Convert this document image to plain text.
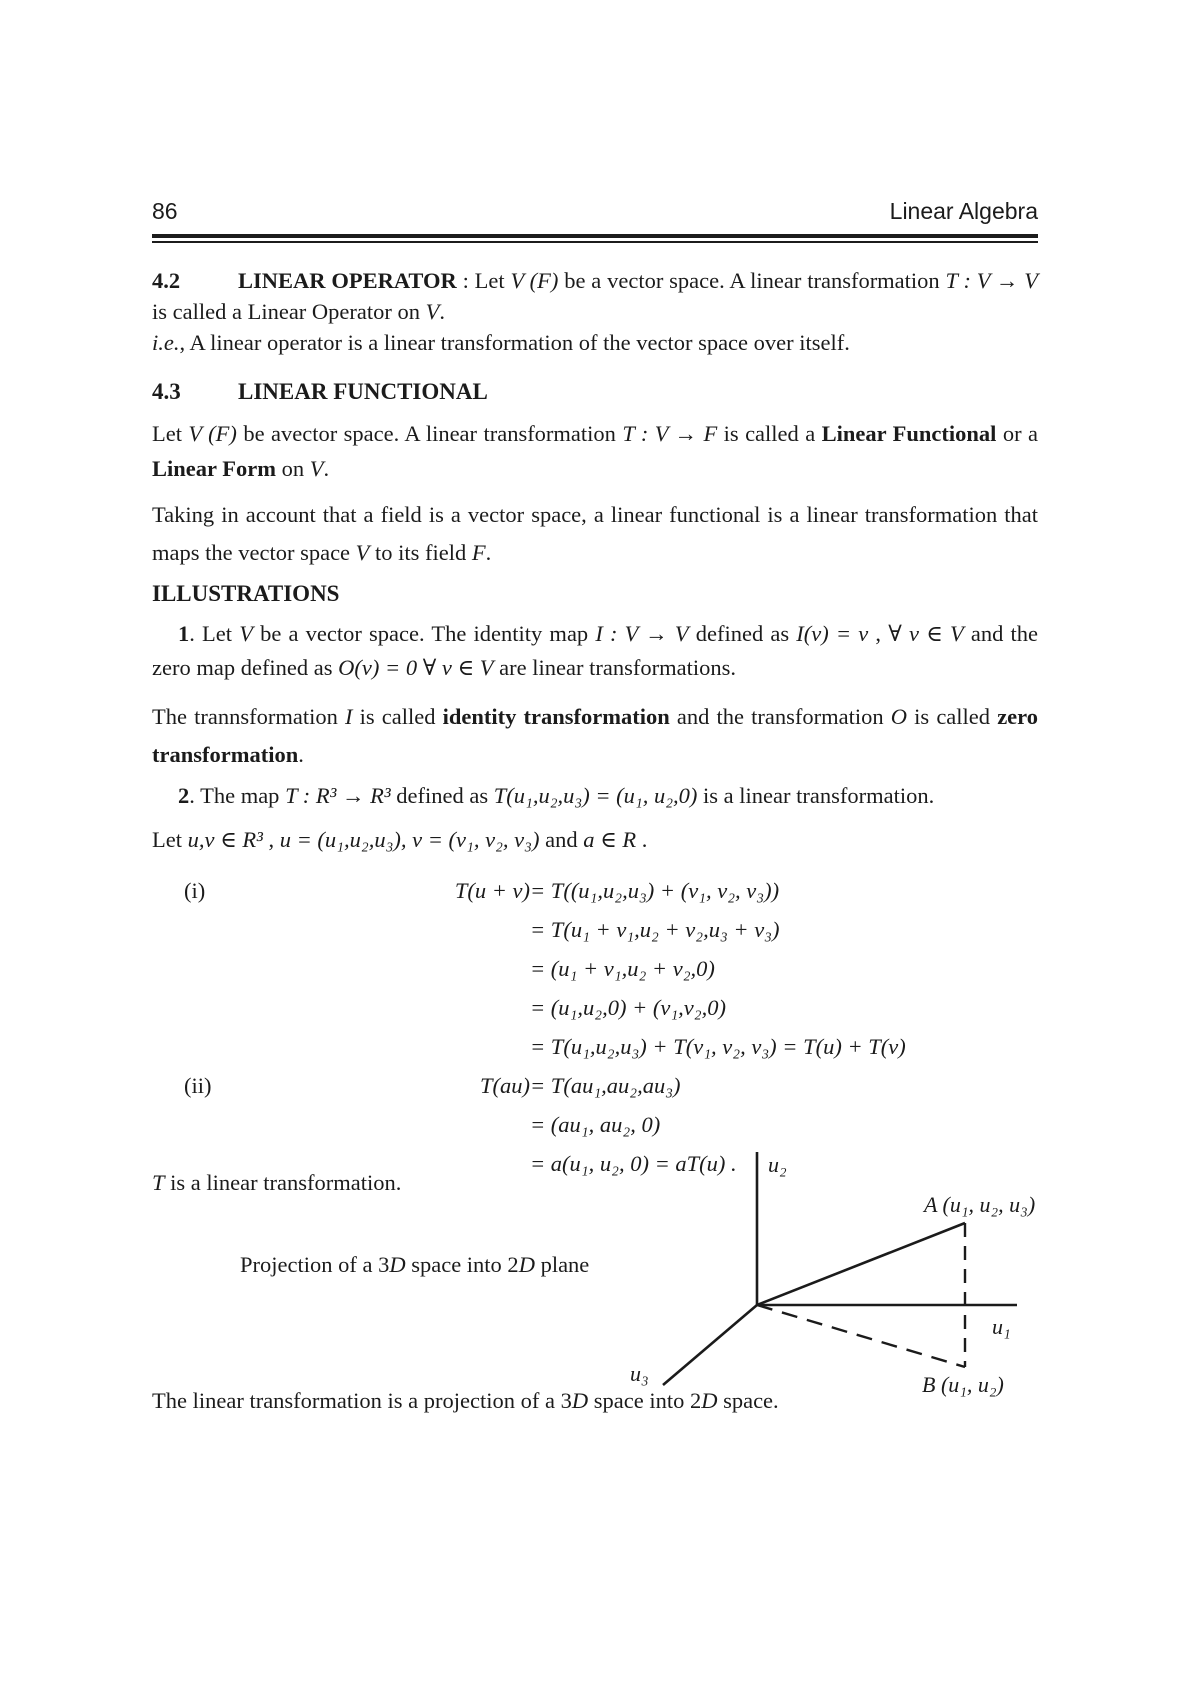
86	Linear Algebra

4.2	LINEAR OPERATOR : Let V (F) be a vector space. A linear transformation T : V → V is called a Linear Operator on V.

i.e., A linear operator is a linear transformation of the vector space over itself.

4.3 LINEAR FUNCTIONAL

Let V (F) be avector space. A linear transformation T : V → F is called a Linear Functional or a Linear Form on V.

Taking in account that a field is a vector space, a linear functional is a linear transformation that maps the vector space V to its field F.

ILLUSTRATIONS

1. Let V be a vector space. The identity map I : V → V defined as I(v) = v , ∀ v ∈ V and the zero map defined as O(v) = 0 ∀ v ∈ V are linear transformations.

The trannsformation I is called identity transformation and the transformation O is called zero transformation.

2. The map T : R³ → R³ defined as T(u₁,u₂,u₃) = (u₁, u₂,0) is a linear transformation.

Let u,v ∈ R³ , u = (u₁,u₂,u₃), v = (v₁, v₂, v₃) and a ∈ R .

(i)	T(u + v) = T((u₁,u₂,u₃) + (v₁, v₂, v₃))
= T(u₁ + v₁,u₂ + v₂,u₃ + v₃)
= (u₁ + v₁,u₂ + v₂,0)
= (u₁,u₂,0) + (v₁,v₂,0)
= T(u₁,u₂,u₃) + T(v₁, v₂, v₃) = T(u) + T(v)
(ii)	T(au) = T(au₁,au₂,au₃)
= (au₁, au₂, 0)
= a(u₁, u₂, 0) = aT(u) .

T is a linear transformation.

Projection of a 3D space into 2D plane

u₂
u₁
u₃
A (u₁, u₂, u₃)
B (u₁, u₂)

The linear transformation is a projection of a 3D space into 2D space.
